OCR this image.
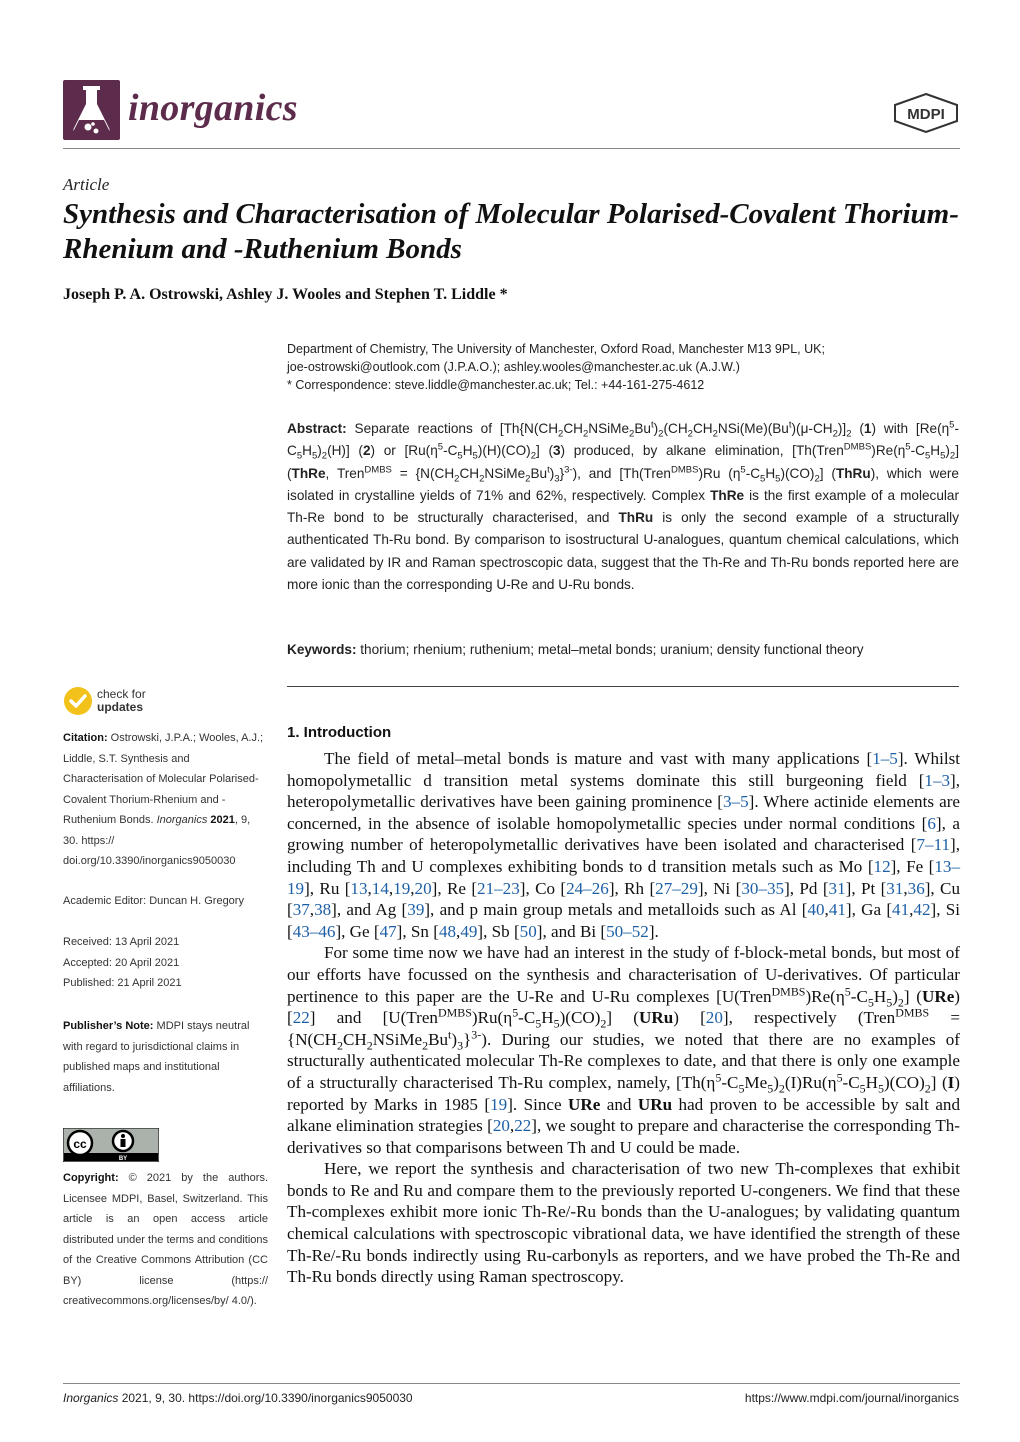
inorganics	MDPI
Article
Synthesis and Characterisation of Molecular Polarised-Covalent Thorium-Rhenium and -Ruthenium Bonds
Joseph P. A. Ostrowski, Ashley J. Wooles and Stephen T. Liddle *
Department of Chemistry, The University of Manchester, Oxford Road, Manchester M13 9PL, UK;
joe-ostrowski@outlook.com (J.P.A.O.); ashley.wooles@manchester.ac.uk (A.J.W.)
* Correspondence: steve.liddle@manchester.ac.uk; Tel.: +44-161-275-4612
Abstract: Separate reactions of [$Th\{N(CH_2CH_2NSiMe_2Bu^t)_2(CH_2CH_2NSi(Me)(Bu^t)(\mu-CH_2)]_2$ (1) with $[Re(\eta^5-C_5H_5)_2(H)]$ (2) or $[Ru(\eta^5-C_5H_5)(H)(CO)_2]$ (3) produced, by alkane elimination, $[Th(Tren^{DMBS})Re(\eta^5-C_5H_5)_2]$ (ThRe, Tren$^{DMBS}$ = $\{N(CH_2CH_2NSiMe_2Bu^t)_3\}^{3-}$), and [Th(Tren$^{DMBS}$)Ru $(\eta^5-C_5H_5)(CO)_2$] (ThRu), which were isolated in crystalline yields of 71% and 62%, respectively. Complex ThRe is the first example of a molecular Th-Re bond to be structurally characterised, and ThRu is only the second example of a structurally authenticated Th-Ru bond. By comparison to isostructural U-analogues, quantum chemical calculations, which are validated by IR and Raman spectroscopic data, suggest that the Th-Re and Th-Ru bonds reported here are more ionic than the corresponding U-Re and U-Ru bonds.
Keywords: thorium; rhenium; ruthenium; metal–metal bonds; uranium; density functional theory
check for
updates
Citation: Ostrowski, J.P.A.; Wooles, A.J.; Liddle, S.T. Synthesis and Characterisation of Molecular Polarised-Covalent Thorium-Rhenium and -Ruthenium Bonds. Inorganics 2021, 9, 30. https:// doi.org/10.3390/inorganics9050030
Academic Editor: Duncan H. Gregory
Received: 13 April 2021
Accepted: 20 April 2021
Published: 21 April 2021
Publisher’s Note: MDPI stays neutral with regard to jurisdictional claims in published maps and institutional affiliations.
cc
BY
Copyright: © 2021 by the authors. Licensee MDPI, Basel, Switzerland. This article is an open access article distributed under the terms and conditions of the Creative Commons Attribution (CC BY) license (https:// creativecommons.org/licenses/by/ 4.0/).
1. Introduction

The field of metal–metal bonds is mature and vast with many applications [1–5]. Whilst homopolymetallic d transition metal systems dominate this still burgeoning field [1–3], heteropolymetallic derivatives have been gaining prominence [3–5]. Where actinide elements are concerned, in the absence of isolable homopolymetallic species under normal conditions [6], a growing number of heteropolymetallic derivatives have been isolated and characterised [7–11], including Th and U complexes exhibiting bonds to d transition metals such as Mo [12], Fe [13–19], Ru [13,14,19,20], Re [21–23], Co [24–26], Rh [27–29], Ni [30–35], Pd [31], Pt [31,36], Cu [37,38], and Ag [39], and p main group metals and metalloids such as Al [40,41], Ga [41,42], Si [43–46], Ge [47], Sn [48,49], Sb [50], and Bi [50–52].

For some time now we have had an interest in the study of f-block-metal bonds, but most of our efforts have focussed on the synthesis and characterisation of U-derivatives. Of particular pertinence to this paper are the U-Re and U-Ru complexes $[U(Tren^{DMBS})Re(\eta^5-C_5H_5)_2]$ (URe) [22] and $[U(Tren^{DMBS})Ru(\eta^5-C_5H_5)(CO)_2]$ (URu) [20], respectively (Tren$^{DMBS}$ = $\{N(CH_2CH_2NSiMe_2Bu^t)_3\}^{3-}$). During our studies, we noted that there are no examples of structurally authenticated molecular Th-Re complexes to date, and that there is only one example of a structurally characterised Th-Ru complex, namely, $[Th(\eta^5-C_5Me_5)_2(I)Ru(\eta^5-C_5H_5)(CO)_2]$ (I) reported by Marks in 1985 [19]. Since URe and URu had proven to be accessible by salt and alkane elimination strategies [20,22], we sought to prepare and characterise the corresponding Th-derivatives so that comparisons between Th and U could be made.

Here, we report the synthesis and characterisation of two new Th-complexes that exhibit bonds to Re and Ru and compare them to the previously reported U-congeners. We find that these Th-complexes exhibit more ionic Th-Re/-Ru bonds than the U-analogues; by validating quantum chemical calculations with spectroscopic vibrational data, we have identified the strength of these Th-Re/-Ru bonds indirectly using Ru-carbonyls as reporters, and we have probed the Th-Re and Th-Ru bonds directly using Raman spectroscopy.

Inorganics 2021, 9, 30. https://doi.org/10.3390/inorganics9050030	https://www.mdpi.com/journal/inorganics
